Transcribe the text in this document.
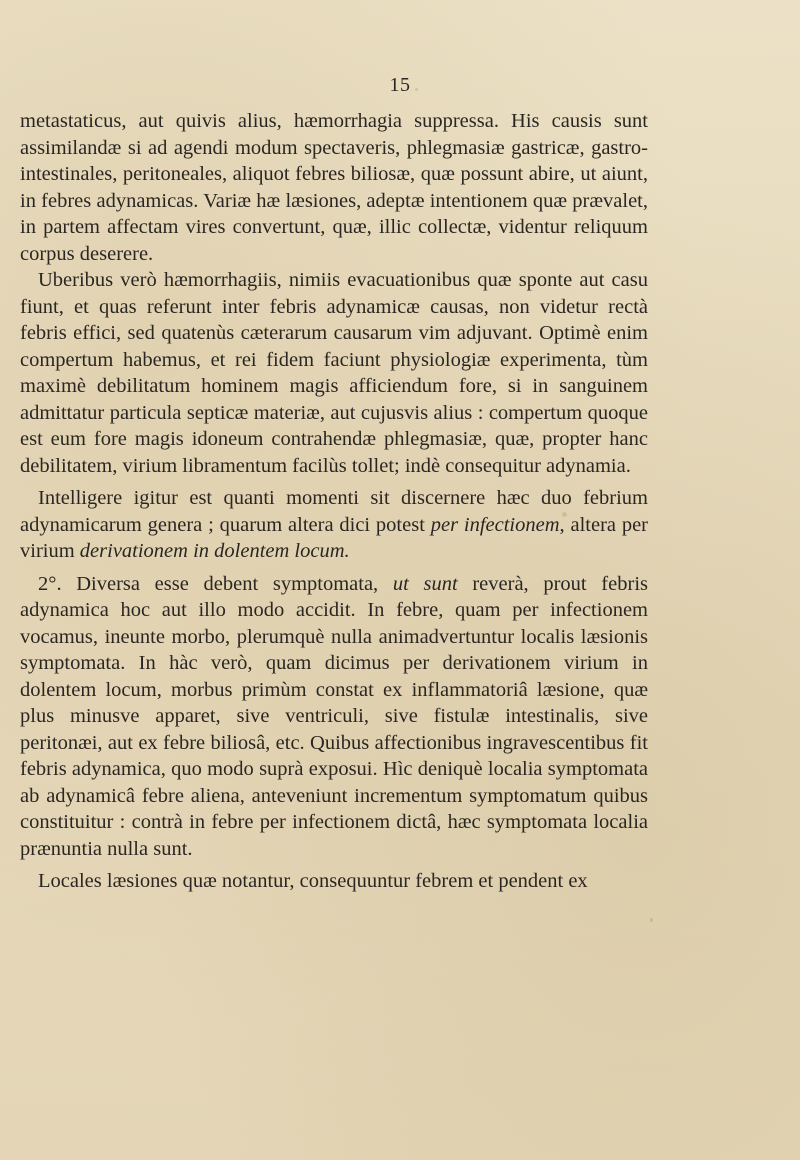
15

metastaticus, aut quivis alius, hæmorrhagia suppressa. His causis sunt assimilandæ si ad agendi modum spectaveris, phlegmasiæ gastricæ, gastro-intestinales, peritoneales, aliquot febres biliosæ, quæ possunt abire, ut aiunt, in febres adynamicas. Variæ hæ læsiones, adeptæ intentionem quæ prævalet, in partem affectam vires convertunt, quæ, illic collectæ, videntur reliquum corpus deserere.

Uberibus verò hæmorrhagiis, nimiis evacuationibus quæ sponte aut casu fiunt, et quas referunt inter febris adynamicæ causas, non videtur rectà febris effici, sed quatenùs cæterarum causarum vim adjuvant. Optimè enim compertum habemus, et rei fidem faciunt physiologiæ experimenta, tùm maximè debilitatum hominem magis afficiendum fore, si in sanguinem admittatur particula septicæ materiæ, aut cujusvis alius : compertum quoque est eum fore magis idoneum contrahendæ phlegmasiæ, quæ, propter hanc debilitatem, virium libramentum facilùs tollet; indè consequitur adynamia.

Intelligere igitur est quanti momenti sit discernere hæc duo febrium adynamicarum genera ; quarum altera dici potest per infectionem, altera per virium derivationem in dolentem locum.

2°. Diversa esse debent symptomata, ut sunt reverà, prout febris adynamica hoc aut illo modo accidit. In febre, quam per infectionem vocamus, ineunte morbo, plerumquè nulla animadvertuntur localis læsionis symptomata. In hàc verò, quam dicimus per derivationem virium in dolentem locum, morbus primùm constat ex inflammatoriâ læsione, quæ plus minusve apparet, sive ventriculi, sive fistulæ intestinalis, sive peritonæi, aut ex febre biliosâ, etc. Quibus affectionibus ingravescentibus fit febris adynamica, quo modo suprà exposui. Hìc deniquè localia symptomata ab adynamicâ febre aliena, anteveniunt incrementum symptomatum quibus constituitur : contrà in febre per infectionem dictâ, hæc symptomata localia prænuntia nulla sunt.

Locales læsiones quæ notantur, consequuntur febrem et pendent ex
